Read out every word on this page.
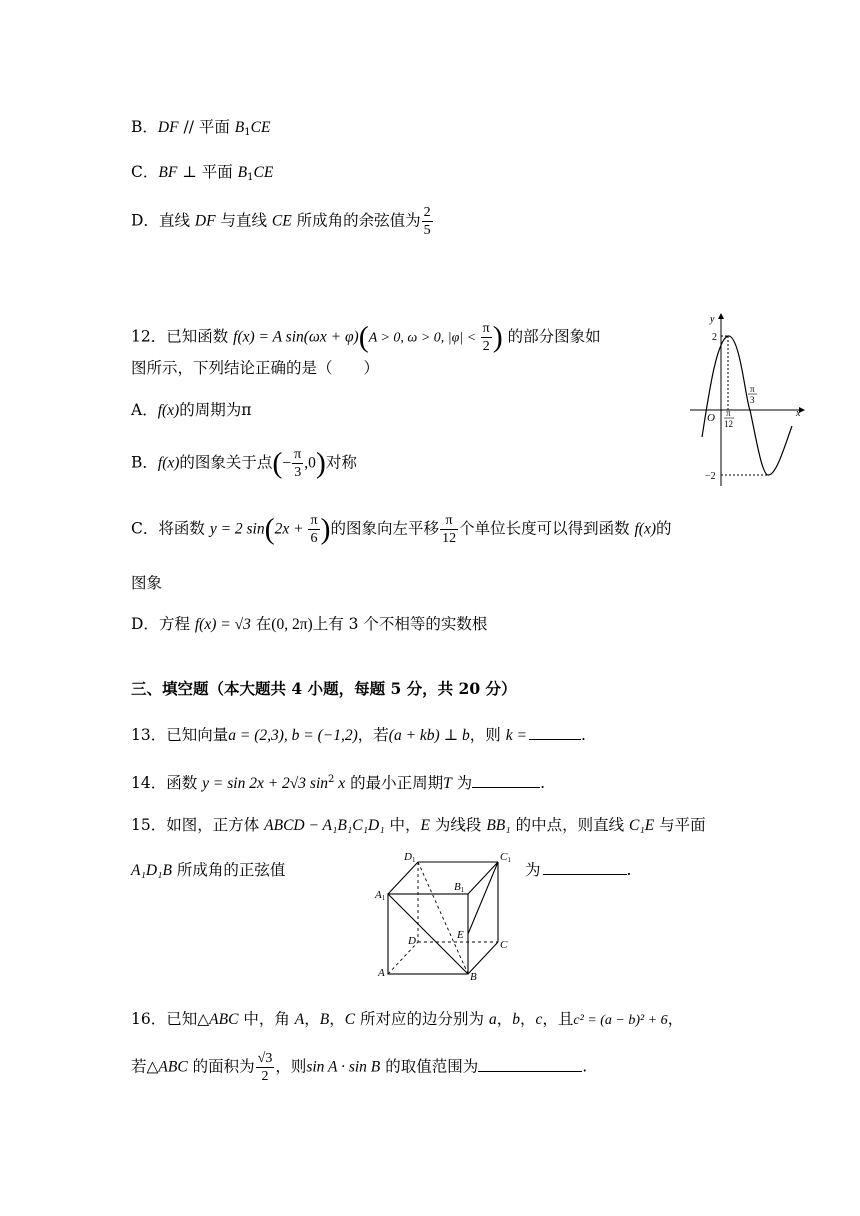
B．DF // 平面 $B_1CE$
C．BF ⊥ 平面 $B_1CE$
D．直线 DF 与直线 CE 所成角的余弦值为 $\frac{2}{5}$
12．已知函数 f(x) = A sin(ωx + φ)(A > 0, ω > 0, $|\varphi| < \frac{\pi}{2}$ ) 的部分图象如
图所示，下列结论正确的是（　　）
A．f(x)的周期为π
B．f(x)的图象关于点(− $\frac{\pi}{3} ,0$)对称
C．将函数 y = 2 $\sin(2x + \frac{\pi}{6}$ )的图象向左平移 $\frac{\pi}{12}$ 个单位长度可以得到函数 f(x)的
图象
D．方程 f(x) = √3 在(0, 2π)上有 3 个不相等的实数根
y
x
O
2
−2
π
12
π
3
三、填空题（本大题共 4 小题，每题 5 分，共 20 分）
13．已知向量a = (2,3), b = (−1,2)，若(a + kb) ⊥ b，则 k =	.
14．函数 y = sin 2x + 2√3 $\sin^2 x$ 的最小正周期T 为	.
15．如图，正方体 ABCD − A₁B₁C₁D₁ 中，E 为线段 BB₁ 的中点，则直线 C₁E 与平面
A₁D₁B 所成角的正弦值	为	.
D1	C1
A1
B1
D	E
C
A	B
16．已知△ABC 中，角 A，B，C 所对应的边分别为 a，b，c，且c² = (a − b)² + 6，
若△ABC 的面积为 $\frac{√3}{2}$ ，则sin A · sin B 的取值范围为	.
